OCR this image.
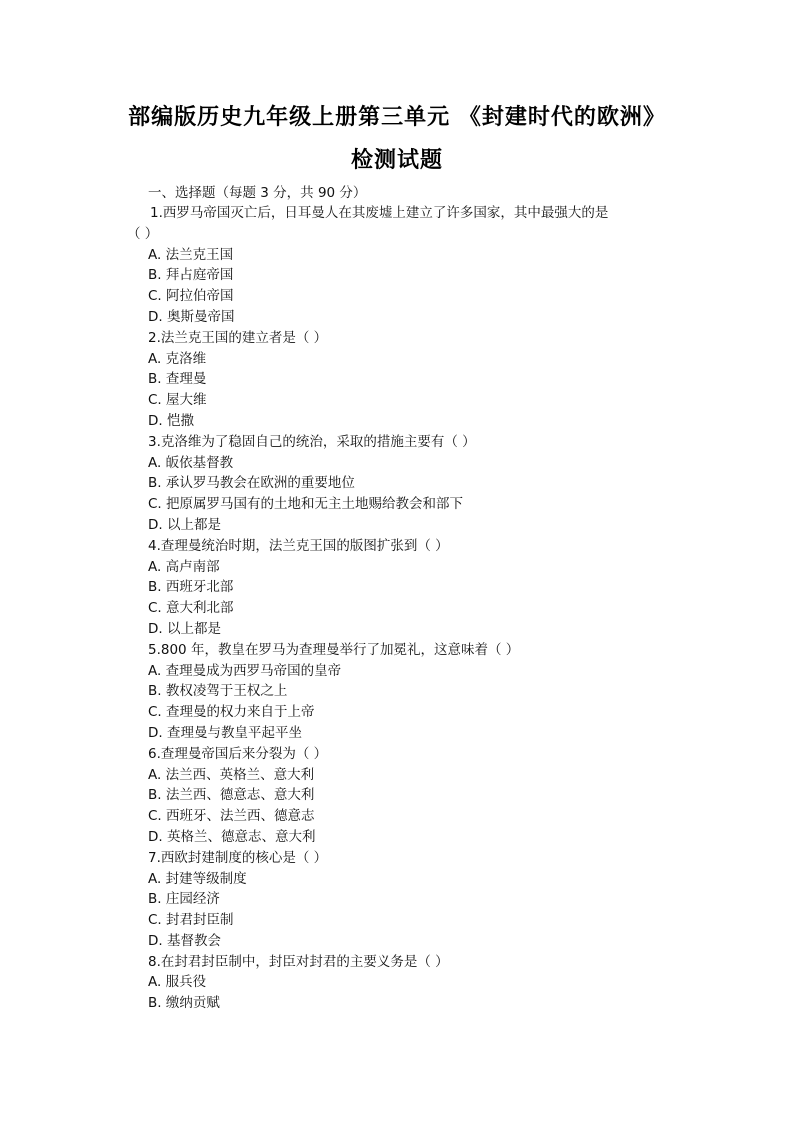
部编版历史九年级上册第三单元 《封建时代的欧洲》
检测试题
一、选择题（每题 3 分，共 90 分）
1.西罗马帝国灭亡后，日耳曼人在其废墟上建立了许多国家，其中最强大的是
（ ）
A. 法兰克王国
B. 拜占庭帝国
C. 阿拉伯帝国
D. 奥斯曼帝国
2.法兰克王国的建立者是（ ）
A. 克洛维
B. 查理曼
C. 屋大维
D. 恺撒
3.克洛维为了稳固自己的统治，采取的措施主要有（ ）
A. 皈依基督教
B. 承认罗马教会在欧洲的重要地位
C. 把原属罗马国有的土地和无主土地赐给教会和部下
D. 以上都是
4.查理曼统治时期，法兰克王国的版图扩张到（ ）
A. 高卢南部
B. 西班牙北部
C. 意大利北部
D. 以上都是
5.800 年，教皇在罗马为查理曼举行了加冕礼，这意味着（ ）
A. 查理曼成为西罗马帝国的皇帝
B. 教权凌驾于王权之上
C. 查理曼的权力来自于上帝
D. 查理曼与教皇平起平坐
6.查理曼帝国后来分裂为（ ）
A. 法兰西、英格兰、意大利
B. 法兰西、德意志、意大利
C. 西班牙、法兰西、德意志
D. 英格兰、德意志、意大利
7.西欧封建制度的核心是（ ）
A. 封建等级制度
B. 庄园经济
C. 封君封臣制
D. 基督教会
8.在封君封臣制中，封臣对封君的主要义务是（ ）
A. 服兵役
B. 缴纳贡赋
